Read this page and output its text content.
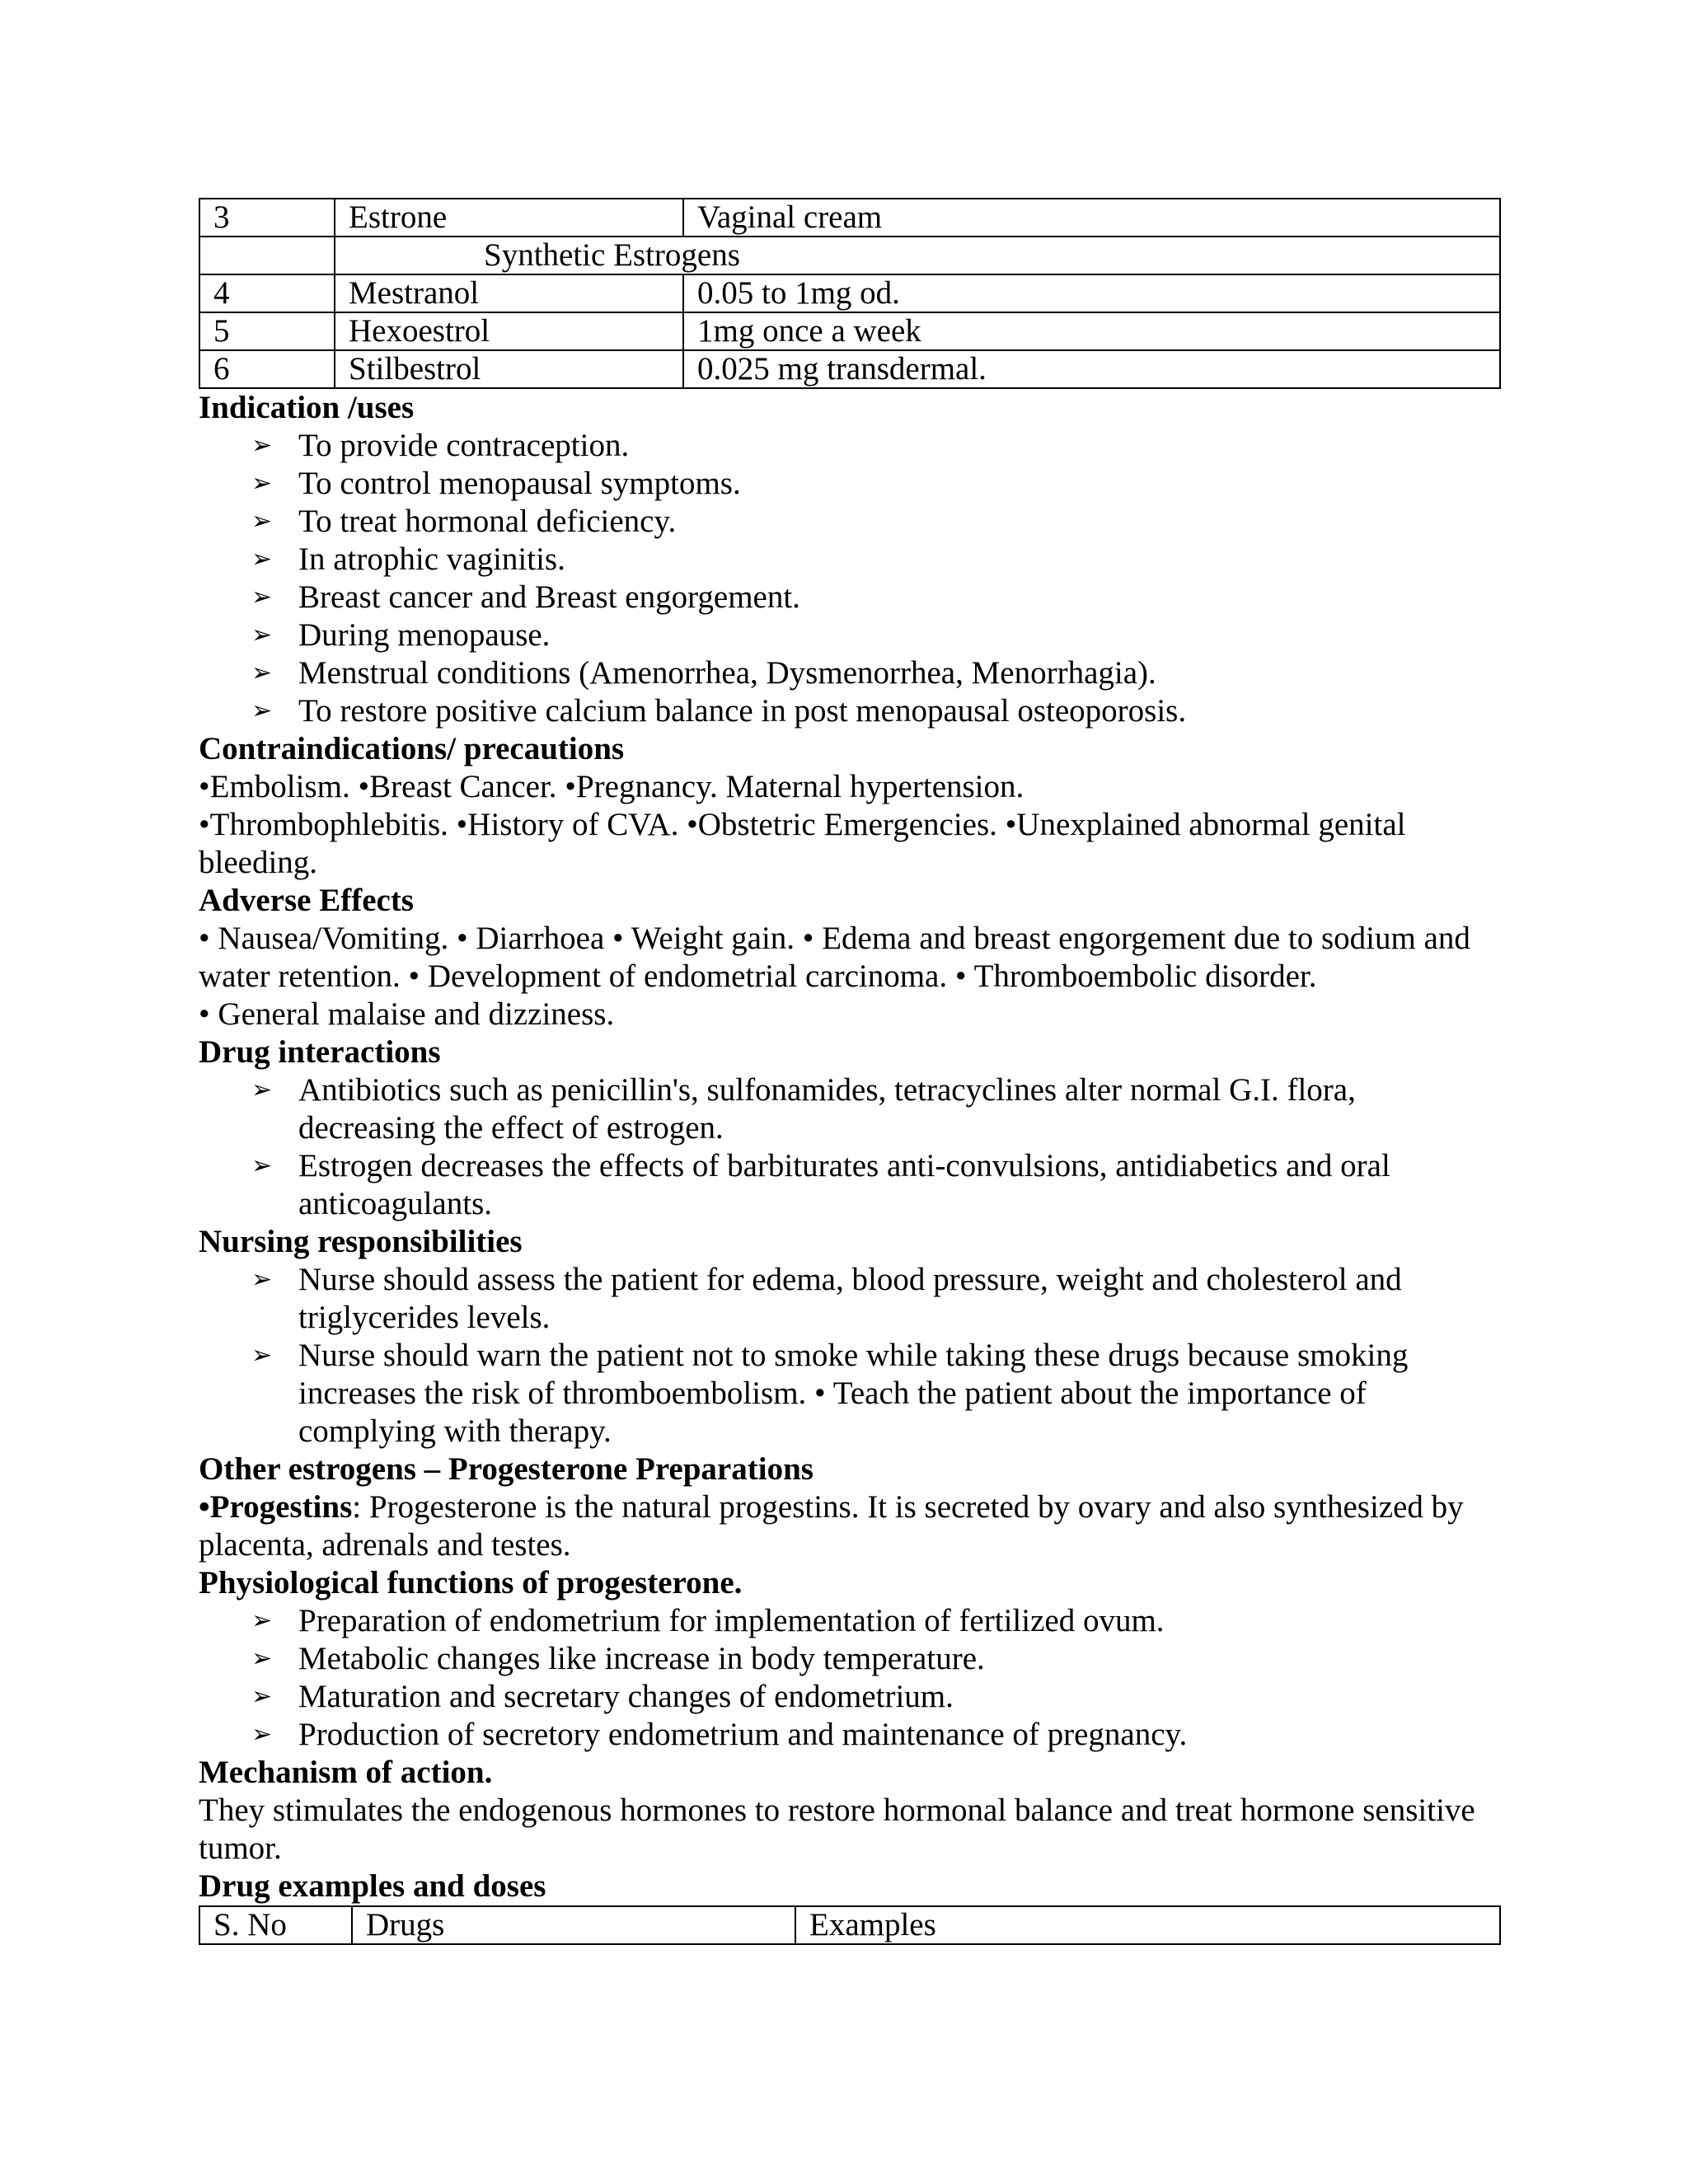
3	Estrone	Vaginal cream
	Synthetic Estrogens	
4	Mestranol	0.05 to 1mg od.
5	Hexoestrol	1mg once a week
6	Stilbestrol	0.025 mg transdermal.
Indication /uses
➢ To provide contraception.
➢ To control menopausal symptoms.
➢ To treat hormonal deficiency.
➢ In atrophic vaginitis.
➢ Breast cancer and Breast engorgement.
➢ During menopause.
➢ Menstrual conditions (Amenorrhea, Dysmenorrhea, Menorrhagia).
➢ To restore positive calcium balance in post menopausal osteoporosis.
Contraindications/ precautions

•Embolism. •Breast Cancer. •Pregnancy. Maternal hypertension.

•Thrombophlebitis. •History of CVA. •Obstetric Emergencies. •Unexplained abnormal genital bleeding.

Adverse Effects

• Nausea/Vomiting. • Diarrhoea • Weight gain. • Edema and breast engorgement due to sodium and water retention. • Development of endometrial carcinoma. • Thromboembolic disorder.

• General malaise and dizziness.

Drug interactions
➢ Antibiotics such as penicillin's, sulfonamides, tetracyclines alter normal G.I. flora, decreasing the effect of estrogen.
➢ Estrogen decreases the effects of barbiturates anti-convulsions, antidiabetics and oral anticoagulants.
Nursing responsibilities
➢ Nurse should assess the patient for edema, blood pressure, weight and cholesterol and triglycerides levels.
➢ Nurse should warn the patient not to smoke while taking these drugs because smoking increases the risk of thromboembolism. • Teach the patient about the importance of complying with therapy.
Other estrogens – Progesterone Preparations

•Progestins: Progesterone is the natural progestins. It is secreted by ovary and also synthesized by placenta, adrenals and testes.

Physiological functions of progesterone.
➢ Preparation of endometrium for implementation of fertilized ovum.
➢ Metabolic changes like increase in body temperature.
➢ Maturation and secretary changes of endometrium.
➢ Production of secretory endometrium and maintenance of pregnancy.
Mechanism of action.

They stimulates the endogenous hormones to restore hormonal balance and treat hormone sensitive tumor.

Drug examples and doses
S. No	Drugs	Examples
